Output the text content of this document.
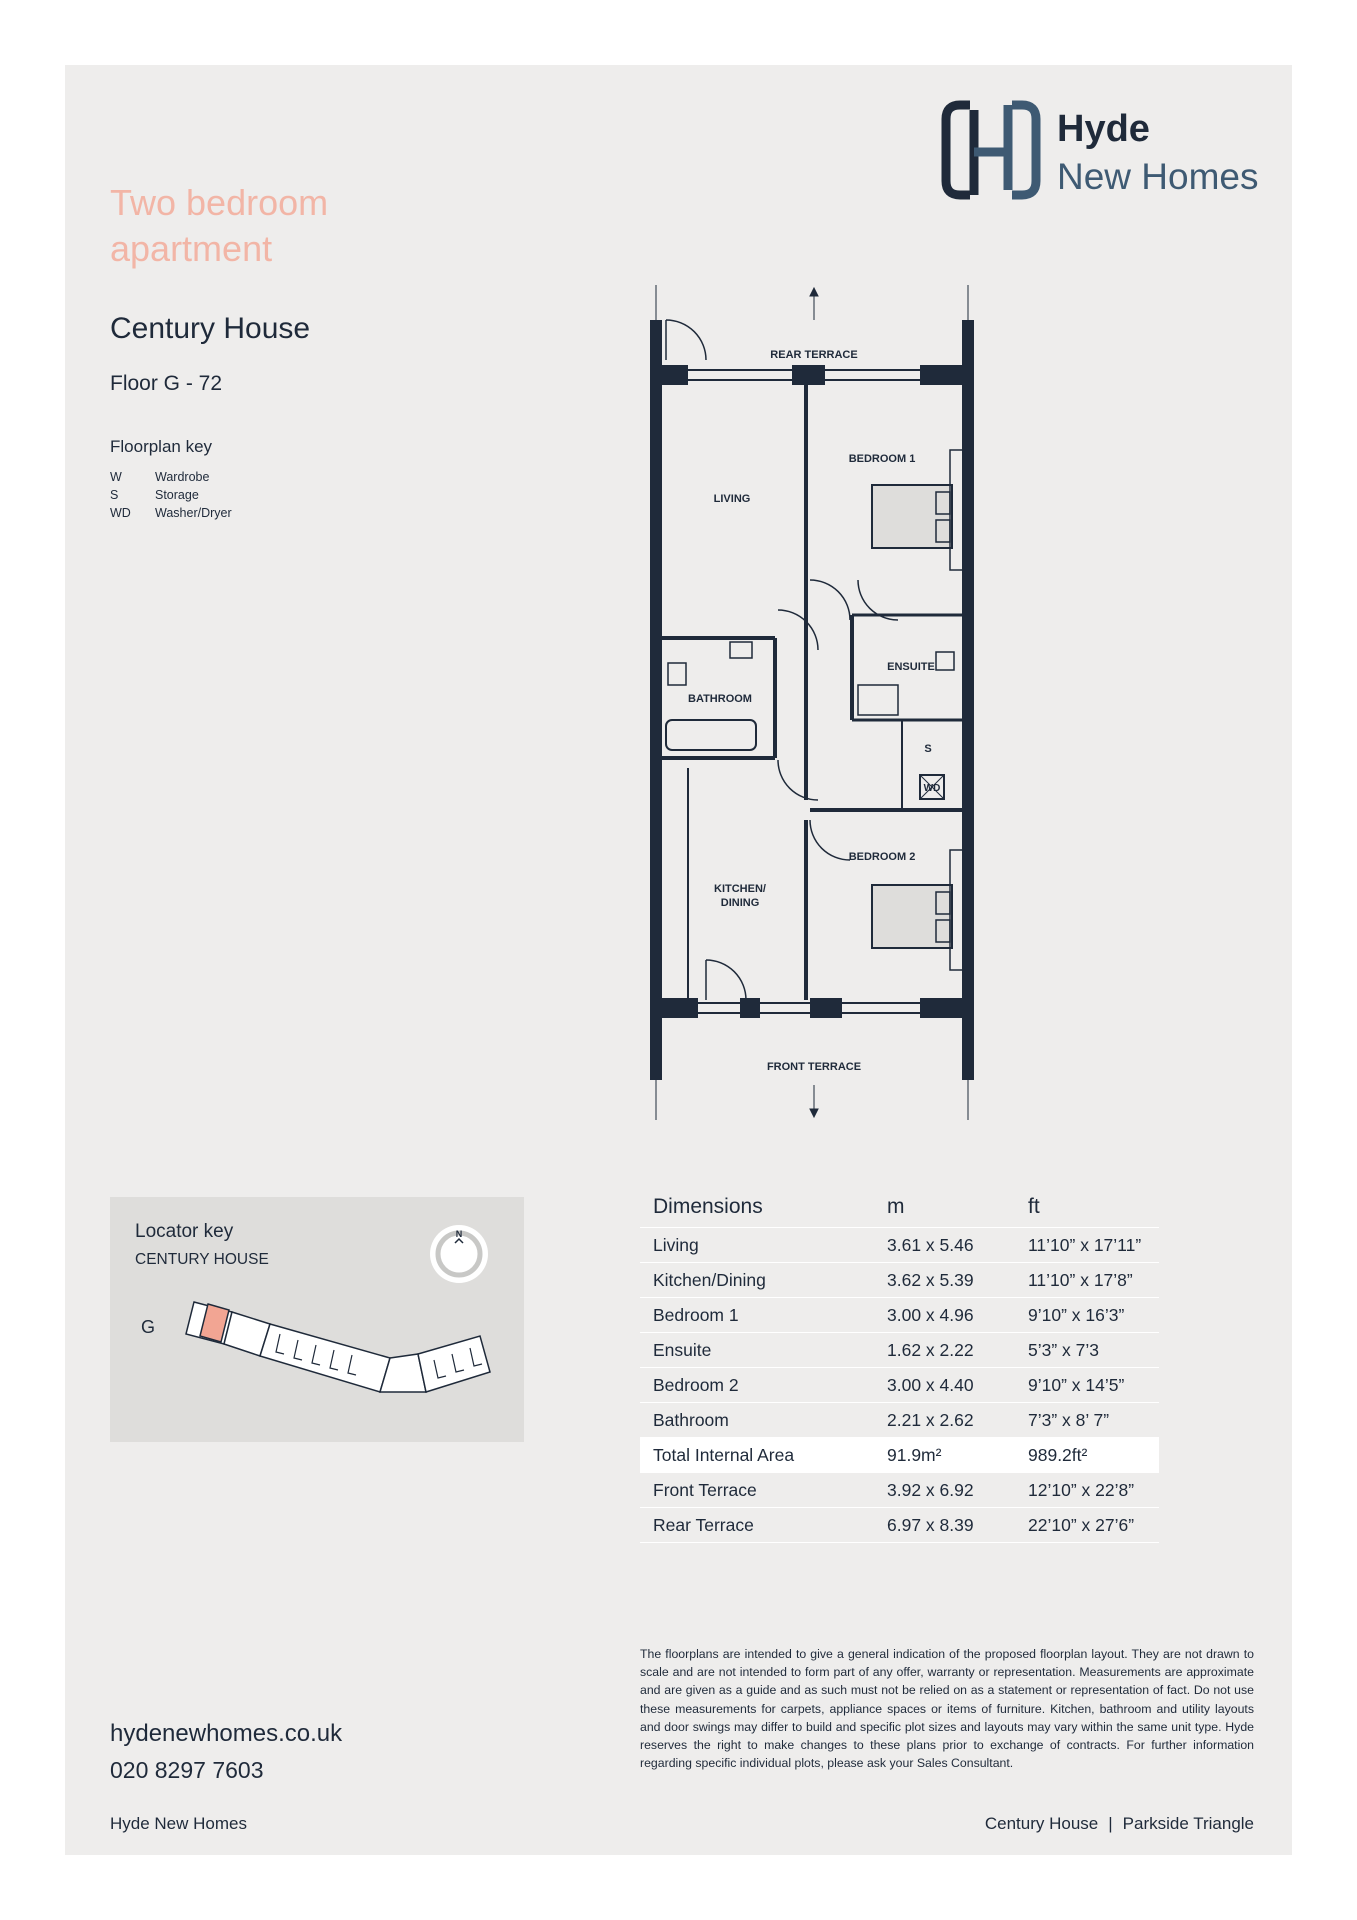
Two bedroom apartment
Century House
Floor G - 72
Floorplan key
W	Wardrobe
S	Storage
WD Washer/Dryer
Hyde
New Homes
REAR TERRACE
FRONT TERRACE
LIVING
BEDROOM 1
ENSUITE
BATHROOM
S
WD
BEDROOM 2
KITCHEN/
DINING
Locator key
CENTURY HOUSE
G
N
Dimensions	m	ft
Living	3.61 x 5.46	11’10” x 17’11”
Kitchen/Dining	3.62 x 5.39	11’10” x 17’8”
Bedroom 1	3.00 x 4.96	9’10” x 16’3”
Ensuite	1.62 x 2.22	5’3” x 7’3
Bedroom 2	3.00 x 4.40	9’10” x 14’5”
Bathroom	2.21 x 2.62	7’3” x 8’ 7”
Total Internal Area	91.9m²	989.2ft²
Front Terrace	3.92 x 6.92	12’10” x 22’8”
Rear Terrace	6.97 x 8.39	22’10” x 27’6”
The floorplans are intended to give a general indication of the proposed floorplan layout. They are not drawn to scale and are not intended to form part of any offer, warranty or representation. Measurements are approximate and are given as a guide and as such must not be relied on as a statement or representation of fact. Do not use these measurements for carpets, appliance spaces or items of furniture. Kitchen, bathroom and utility layouts and door swings may differ to build and specific plot sizes and layouts may vary within the same unit type. Hyde reserves the right to make changes to these plans prior to exchange of contracts. For further information regarding specific individual plots, please ask your Sales Consultant.
hydenewhomes.co.uk
020 8297 7603
Hyde New Homes	Century House | Parkside Triangle
